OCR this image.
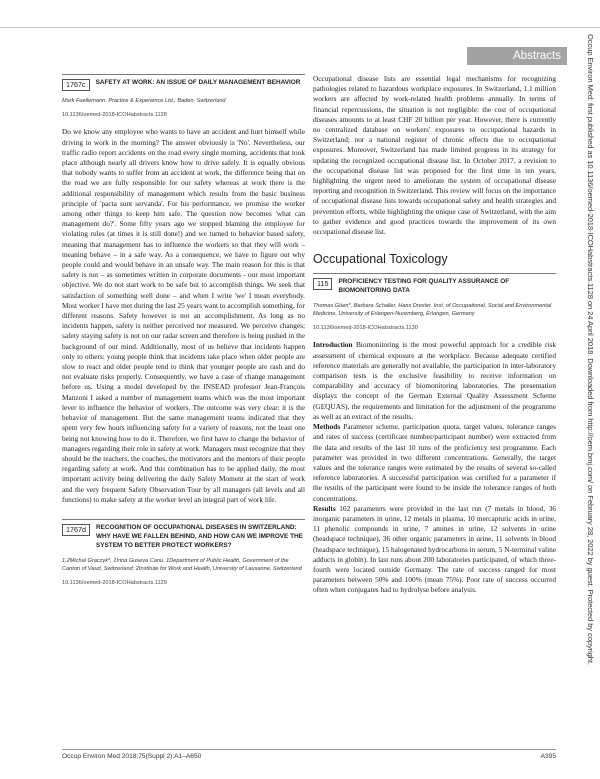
Abstracts	Occup Environ Med: first published as 10.1136/oemed-2018-ICOHabstracts.1128 on 24 April 2018. Downloaded from http://oem.bmj.com/ on February 28, 2022 by guest. Protected by copyright.
1767c	SAFETY AT WORK: AN ISSUE OF DAILY MANAGEMENT BEHAVIOR
Mark Fuellemann. Practice & Experience Ltd., Baden, Switzerland
10.1136/oemed-2018-ICOHabstracts.1128

Do we know any employee who wants to have an accident and hurt himself while driving to work in the morning? The answer obviously is 'No'. Nevertheless, our traffic radio report accidents on the road every single morning, accidents that took place although nearly all drivers know how to drive safely. It is equally obvious that nobody wants to suffer from an accident at work, the difference being that on the road we are fully responsible for our safety whereas at work there is the additional responsibility of management which results from the basic business principle of 'pacta sunt servanda'. For his performance, we promise the worker among other things to keep him safe. The question now becomes 'what can management do?'. Some fifty years ago we stopped blaming the employee for violating rules (at times it is still done!) and we turned to behavior based safety, meaning that management has to influence the workers so that they will work – meaning behave – in a safe way. As a consequence, we have to figure out why people could and would behave in an unsafe way. The main reason for this is that safety is not – as sometimes written in corporate documents - our most important objective. We do not start work to be safe but to accomplish things. We seek that satisfaction of something well done – and when I write 'we' I mean everybody. Most worker I have met during the last 25 years want to accomplish something, for different reasons. Safety however is not an accomplishment. As long as no incidents happen, safety is neither perceived nor measured. We perceive changes; safety staying safety is not on our radar screen and therefore is being pushed in the background of our mind. Additionally, most of us believe that incidents happen only to others: young people think that incidents take place when older people are slow to react and older people tend to think that younger people are rash and do not evaluate risks properly. Consequently, we have a case of change management before us. Using a model developed by the INSEAD professor Jean-François Manzoni I asked a number of management teams which was the most important lever to influence the behavior of workers. The outcome was very clear: it is the behavior of management. But the same management teams indicated that they spent very few hours influencing safety for a variety of reasons, not the least one being not knowing how to do it. Therefore, we first have to change the behavior of managers regarding their role in safety at work. Managers must recognize that they should be the teachers, the coaches, the motivators and the mentors of their people regarding safety at work. And this combination has to be applied daily, the most important activity being delivering the daily Safety Moment at the start of work and the very frequent Safety Observation Tour by all managers (all levels and all functions) to make safety at the worker level an integral part of work life.

1767d	RECOGNITION OF OCCUPATIONAL DISEASES IN SWITZERLAND: WHY HAVE WE FALLEN BEHIND, AND HOW CAN WE IMPROVE THE SYSTEM TO BETTER PROTECT WORKERS?
1,2Michal Graczyk*, 1Irina Guseva Canu. 1Department of Public Health, Government of the Canton of Vaud, Switzerland; 2Institute for Work and Health, University of Lausanne, Switzerland
10.1136/oemed-2018-ICOHabstracts.1129

Occupational disease lists are essential legal mechanisms for recognizing pathologies related to hazardous workplace exposures. In Switzerland, 1.1 million workers are affected by work-related health problems annually. In terms of financial repercussions, the situation is not negligible: the cost of occupational diseases amounts to at least CHF 20 billion per year. However, there is currently no centralized database on workers' exposures to occupational hazards in Switzerland; nor a national register of chronic effects due to occupational exposures. Moreover, Switzerland has made limited progress in its strategy for updating the recognized occupational disease list. In October 2017, a revision to the occupational disease list was proposed for the first time in ten years, highlighting the urgent need to ameliorate the system of occupational disease reporting and recognition in Switzerland. This review will focus on the importance of occupational disease lists towards occupational safety and health strategies and prevention efforts, while highlighting the unique case of Switzerland, with the aim to gather evidence and good practices towards the improvement of its own occupational disease list.

Occupational Toxicology
115	PROFICIENCY TESTING FOR QUALITY ASSURANCE OF BIOMONITORING DATA
Thomas Göen*, Barbara Schaller, Hans Drexler. Inst. of Occupational, Social and Environmental Medicine, University of Erlangen-Nuremberg, Erlangen, Germany
10.1136/oemed-2018-ICOHabstracts.1130

Introduction Biomonitoring is the most powerful approach for a credible risk assessment of chemical exposure at the workplace. Because adequate certified reference materials are generally not available, the participation in inter-laboratory comparison tests is the exclusive feasibility to receive information on comparability and accuracy of biomonitoring laboratories. The presentation displays the concept of the German External Quality Assessment Scheme (GEQUAS), the requirements and limitation for the adjustment of the programme as well as an extract of the results.

Methods Parameter scheme, participation quota, target values, tolerance ranges and rates of success (certificate number/participant number) were extracted from the data and results of the last 10 runs of the proficiency test programme. Each parameter was provided in two different concentrations. Generally, the target values and the tolerance ranges were estimated by the results of several so-called reference laboratories. A successful participation was certified for a parameter if the results of the participant were found to be inside the tolerance ranges of both concentrations.

Results 162 parameters were provided in the last run (7 metals in blood, 36 inorganic parameters in urine, 12 metals in plasma, 10 mercapturic acids in urine, 11 phenolic compounds in urine, 7 amines in urine, 12 solvents in urine (headspace technique), 36 other organic parameters in urine, 11 solvents in blood (headspace technique), 15 halogenated hydrocarbons in serum, 5 N-terminal valine adducts in globin). In last runs about 200 laboratories participated, of which three-fourth were located outside Germany. The rate of success ranged for most parameters between 50% and 100% (mean 75%). Poor rate of success occurred often when conjugates had to hydrolyse before analysis.

Occup Environ Med 2018;75(Suppl 2):A1–A650	A395
